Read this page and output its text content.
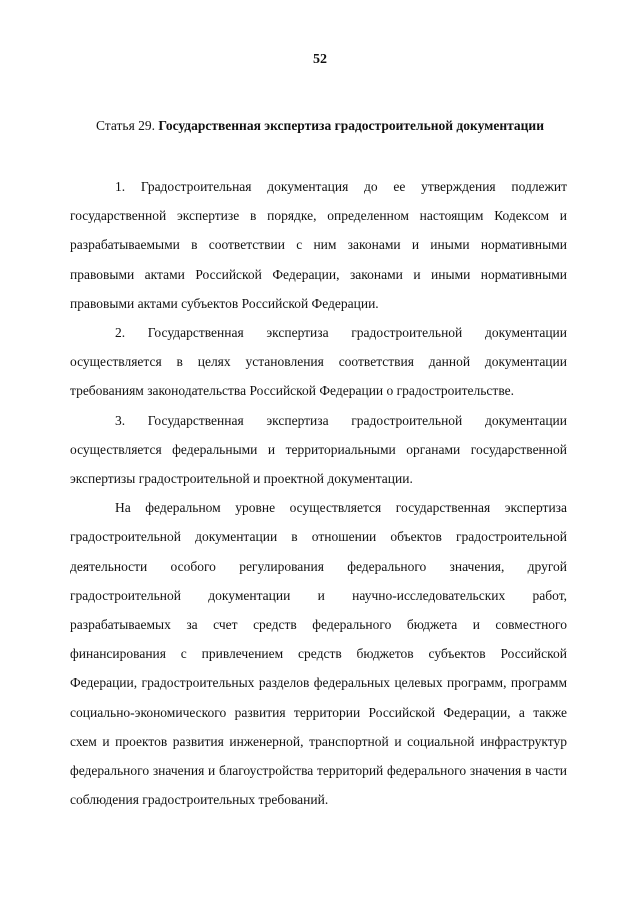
52
Статья 29. Государственная экспертиза градостроительной документации

1. Градостроительная документация до ее утверждения подлежит государственной экспертизе в порядке, определенном настоящим Кодексом и разрабатываемыми в соответствии с ним законами и иными нормативными правовыми актами Российской Федерации, законами и иными нормативными правовыми актами субъектов Российской Федерации.

2. Государственная экспертиза градостроительной документации осуществляется в целях установления соответствия данной документации требованиям законодательства Российской Федерации о градостроительстве.

3. Государственная экспертиза градостроительной документации осуществляется федеральными и территориальными органами государственной экспертизы градостроительной и проектной документации.

На федеральном уровне осуществляется государственная экспертиза градостроительной документации в отношении объектов градостроительной деятельности особого регулирования федерального значения, другой градостроительной документации и научно-исследовательских работ, разрабатываемых за счет средств федерального бюджета и совместного финансирования с привлечением средств бюджетов субъектов Российской Федерации, градостроительных разделов федеральных целевых программ, программ социально-экономического развития территории Российской Федерации, а также схем и проектов развития инженерной, транспортной и социальной инфраструктур федерального значения и благоустройства территорий федерального значения в части соблюдения градостроительных требований.
